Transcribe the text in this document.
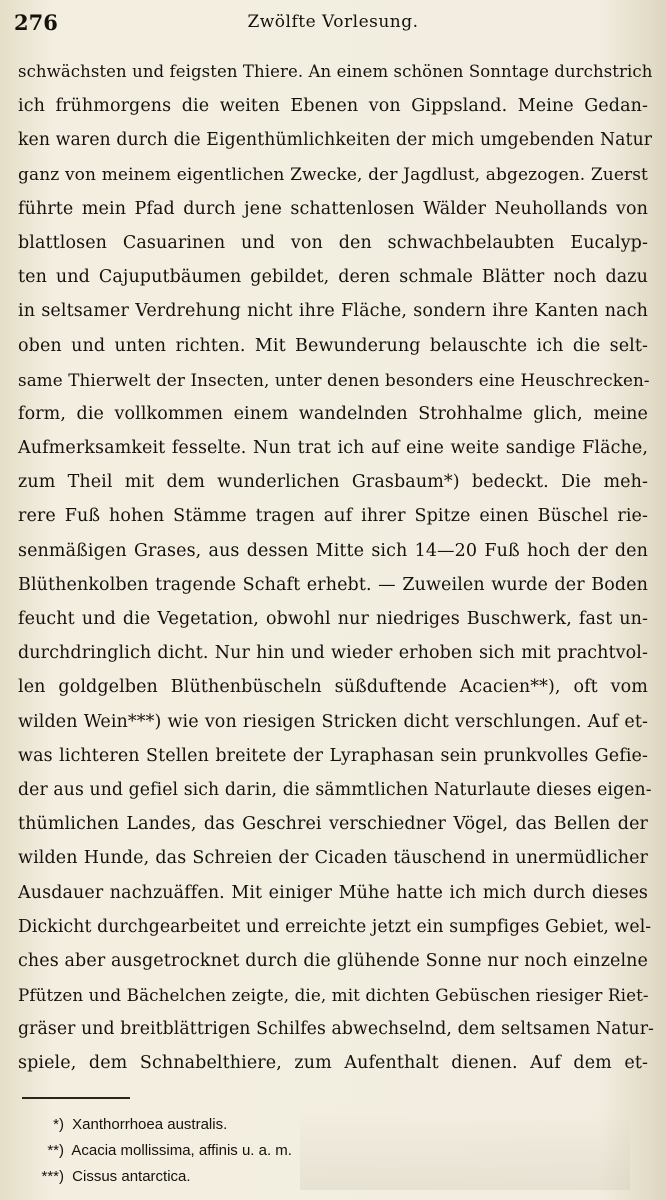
276	Zwölfte Vorlesung.
schwächsten und feigsten Thiere. An einem schönen Sonntage durchstrich
ich frühmorgens die weiten Ebenen von Gippsland. Meine Gedan-
ken waren durch die Eigenthümlichkeiten der mich umgebenden Natur
ganz von meinem eigentlichen Zwecke, der Jagdlust, abgezogen. Zuerst
führte mein Pfad durch jene schattenlosen Wälder Neuhollands von
blattlosen Casuarinen und von den schwachbelaubten Eucalyp-
ten und Cajuputbäumen gebildet, deren schmale Blätter noch dazu
in seltsamer Verdrehung nicht ihre Fläche, sondern ihre Kanten nach
oben und unten richten. Mit Bewunderung belauschte ich die selt-
same Thierwelt der Insecten, unter denen besonders eine Heuschrecken-
form, die vollkommen einem wandelnden Strohhalme glich, meine
Aufmerksamkeit fesselte. Nun trat ich auf eine weite sandige Fläche,
zum Theil mit dem wunderlichen Grasbaum*) bedeckt. Die meh-
rere Fuß hohen Stämme tragen auf ihrer Spitze einen Büschel rie-
senmäßigen Grases, aus dessen Mitte sich 14—20 Fuß hoch der den
Blüthenkolben tragende Schaft erhebt. — Zuweilen wurde der Boden
feucht und die Vegetation, obwohl nur niedriges Buschwerk, fast un-
durchdringlich dicht. Nur hin und wieder erhoben sich mit prachtvol-
len goldgelben Blüthenbüscheln süßduftende Acacien**), oft vom
wilden Wein***) wie von riesigen Stricken dicht verschlungen. Auf et-
was lichteren Stellen breitete der Lyraphasan sein prunkvolles Gefie-
der aus und gefiel sich darin, die sämmtlichen Naturlaute dieses eigen-
thümlichen Landes, das Geschrei verschiedner Vögel, das Bellen der
wilden Hunde, das Schreien der Cicaden täuschend in unermüdlicher
Ausdauer nachzuäffen. Mit einiger Mühe hatte ich mich durch dieses
Dickicht durchgearbeitet und erreichte jetzt ein sumpfiges Gebiet, wel-
ches aber ausgetrocknet durch die glühende Sonne nur noch einzelne
Pfützen und Bächelchen zeigte, die, mit dichten Gebüschen riesiger Riet-
gräser und breitblättrigen Schilfes abwechselnd, dem seltsamen Natur-
spiele, dem Schnabelthiere, zum Aufenthalt dienen. Auf dem et-
*) Xanthorrhoea australis.
**) Acacia mollissima, affinis u. a. m.
***) Cissus antarctica.
